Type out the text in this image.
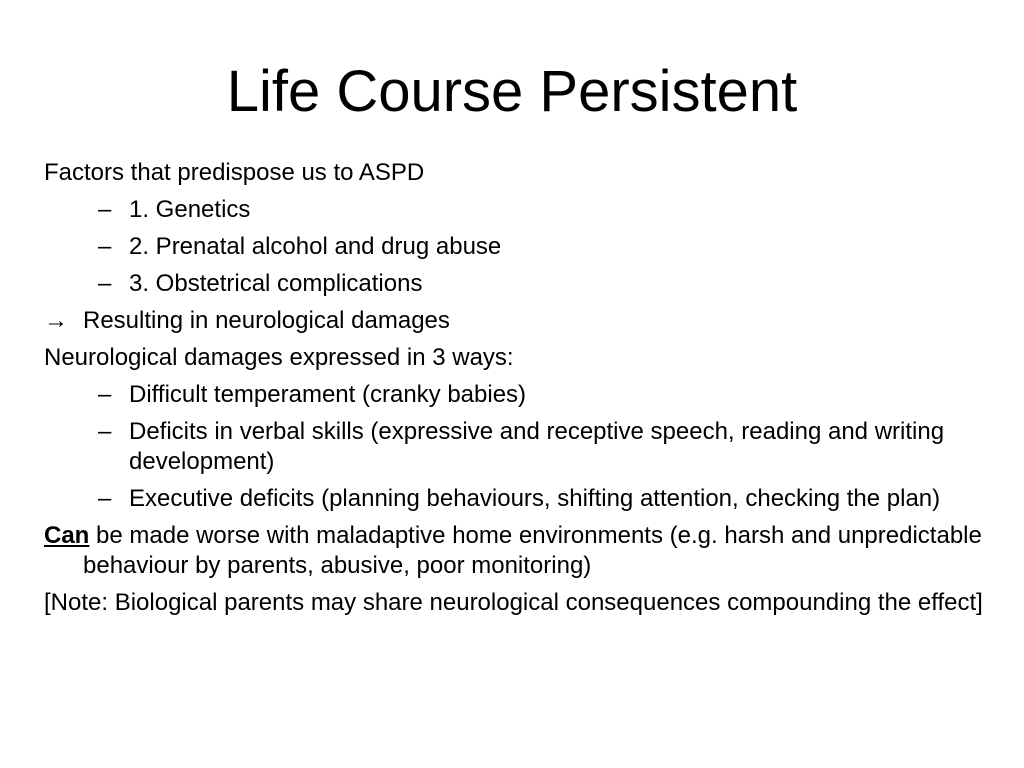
Life Course Persistent
Factors that predispose us to ASPD
– 1. Genetics
– 2. Prenatal alcohol and drug abuse
– 3. Obstetrical complications
→ Resulting in neurological damages
Neurological damages expressed in 3 ways:
– Difficult temperament (cranky babies)
– Deficits in verbal skills (expressive and receptive speech, reading and writing development)
– Executive deficits (planning behaviours, shifting attention, checking the plan)
Can be made worse with maladaptive home environments (e.g. harsh and unpredictable behaviour by parents, abusive, poor monitoring)
[Note: Biological parents may share neurological consequences compounding the effect]
